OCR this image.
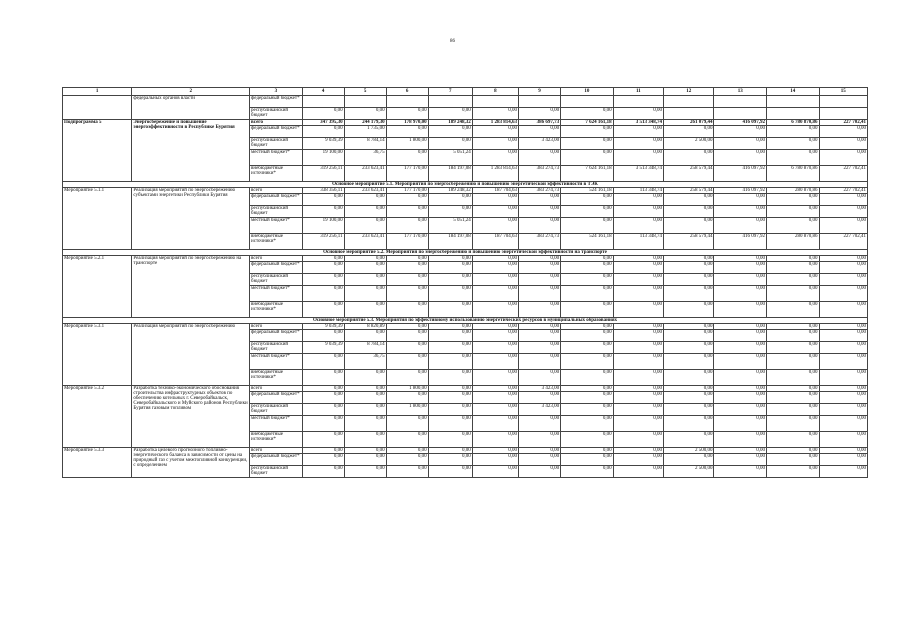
86
1	2	3	4	5	6	7	8	9	10	11	12	13	14	15
	федеральных органов власти	федеральный бюджет*												
		республиканский бюджет	0,00	0,00	0,00	0,00	0,00	0,00	0,00	0,00				
Подпрограмма 5	Энергосбережение и повышение энергоэффективности в Республике Бурятия	всего	347 395,30	244 179,30	178 970,00	189 248,32	1 283 814,63	386 697,73	7 624 161,18	3 513 348,74	261 079,44	416 097,92	6 780 870,86	227 702,41
		федеральный бюджет*	0,00	1 735,00	0,00	0,00	0,00	0,00	0,00	0,00	0,00	0,00	0,00	0,00
		республиканский бюджет	9 039,39	8 784,14	1 800,00	0,00	0,00	3 423,00	0,00	0,00	2 500,00	0,00	0,00	0,00
		местный бюджет*	19 100,00	36,75	0,00	5 051,24	0,00	0,00	0,00	0,00	0,00	0,00	0,00	0,00
		внебюджетные источники*	319 256,11	233 623,41	177 170,00	184 197,08	1 283 814,63	383 274,73	7 624 161,18	3 513 348,74	258 579,44	416 097,92	6 780 870,86	227 702,41
Основное мероприятие 5.1. Мероприятия по энергосбережению и повышению энергетической эффективности в ТЭК														
Мероприятие 5.1.1	Реализация мероприятий по энергосбережению субъектами энергетики Республики Бурятия	всего	338 356,11	233 623,41	177 170,00	189 248,32	187 704,63	383 274,73	524 161,18	113 348,74	258 579,44	416 097,92	280 870,86	227 702,41
		федеральный бюджет*	0,00	0,00	0,00	0,00	0,00	0,00	0,00	0,00	0,00	0,00	0,00	0,00
		республиканский бюджет	0,00	0,00	0,00	0,00	0,00	0,00	0,00	0,00	0,00	0,00	0,00	0,00
		местный бюджет*	19 100,00	0,00	0,00	5 051,24	0,00	0,00	0,00	0,00	0,00	0,00	0,00	0,00
		внебюджетные источники*	319 256,11	233 623,41	177 170,00	184 197,08	187 704,63	383 274,73	524 161,18	113 348,74	258 579,44	416 097,92	280 870,86	227 702,41
Основное мероприятие 5.2. Мероприятия по энергосбережению и повышению энергетической эффективности на транспорте														
Мероприятие 5.2.1	Реализация мероприятий по энергосбережению на транспорте	всего	0,00	0,00	0,00	0,00	0,00	0,00	0,00	0,00	0,00	0,00	0,00	0,00
		федеральный бюджет*	0,00	0,00	0,00	0,00	0,00	0,00	0,00	0,00	0,00	0,00	0,00	0,00
		республиканский бюджет	0,00	0,00	0,00	0,00	0,00	0,00	0,00	0,00	0,00	0,00	0,00	0,00
		местный бюджет*	0,00	0,00	0,00	0,00	0,00	0,00	0,00	0,00	0,00	0,00	0,00	0,00
		внебюджетные источники*	0,00	0,00	0,00	0,00	0,00	0,00	0,00	0,00	0,00	0,00	0,00	0,00
Основное мероприятие 5.3. Мероприятия по эффективному использованию энергетических ресурсов в муниципальных образованиях														
Мероприятие 5.3.1	Реализация мероприятий по энергосбережению	всего	9 039,39	8 820,89	0,00	0,00	0,00	0,00	0,00	0,00	0,00	0,00	0,00	0,00
		федеральный бюджет*	0,00	0,00	0,00	0,00	0,00	0,00	0,00	0,00	0,00	0,00	0,00	0,00
		республиканский бюджет	9 039,39	8 784,14	0,00	0,00	0,00	0,00	0,00	0,00	0,00	0,00	0,00	0,00
		местный бюджет*	0,00	36,75	0,00	0,00	0,00	0,00	0,00	0,00	0,00	0,00	0,00	0,00
		внебюджетные источники*	0,00	0,00	0,00	0,00	0,00	0,00	0,00	0,00	0,00	0,00	0,00	0,00
Мероприятие 5.3.2	Разработка технико-экономического обоснования строительства инфраструктурных объектов по обеспечению котельных г. Северобайкальск, Северобайкальского и Муйского районов Республики Бурятия газовым топливом	всего	0,00	0,00	1 800,00	0,00	0,00	3 423,00	0,00	0,00	0,00	0,00	0,00	0,00
		федеральный бюджет*	0,00	0,00	0,00	0,00	0,00	0,00	0,00	0,00	0,00	0,00	0,00	0,00
		республиканский бюджет	0,00	0,00	1 800,00	0,00	0,00	3 423,00	0,00	0,00	0,00	0,00	0,00	0,00
		местный бюджет*	0,00	0,00	0,00	0,00	0,00	0,00	0,00	0,00	0,00	0,00	0,00	0,00
		внебюджетные источники*	0,00	0,00	0,00	0,00	0,00	0,00	0,00	0,00	0,00	0,00	0,00	0,00
Мероприятие 5.3.3	Разработка целевого прогнозного топливно-энергетического баланса в зависимости от цены на природный газ с учетом межтопливной конкуренции, с определением	всего	0,00	0,00	0,00	0,00	0,00	0,00	0,00	0,00	2 500,00	0,00	0,00	0,00
		федеральный бюджет*	0,00	0,00	0,00	0,00	0,00	0,00	0,00	0,00	0,00	0,00	0,00	0,00
		республиканский бюджет	0,00	0,00	0,00	0,00	0,00	0,00	0,00	0,00	2 500,00	0,00	0,00	0,00
